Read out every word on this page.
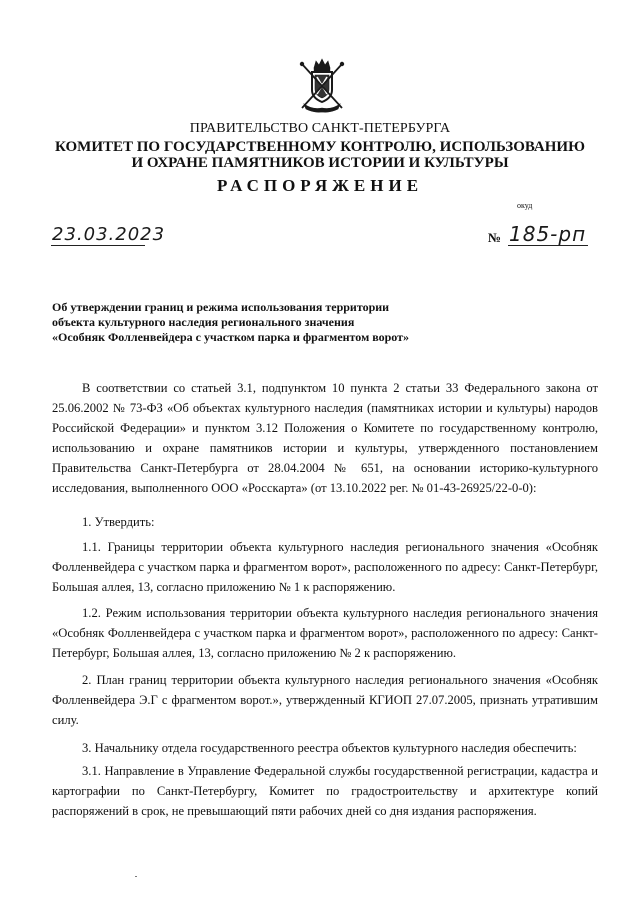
ПРАВИТЕЛЬСТВО САНКТ-ПЕТЕРБУРГА
КОМИТЕТ ПО ГОСУДАРСТВЕННОМУ КОНТРОЛЮ, ИСПОЛЬЗОВАНИЮ
И ОХРАНЕ ПАМЯТНИКОВ ИСТОРИИ И КУЛЬТУРЫ
РАСПОРЯЖЕНИЕ
окуд
23.03.2023	№ 185-рп
Об утверждении границ и режима использования территории
объекта культурного наследия регионального значения
«Особняк Фолленвейдера с участком парка и фрагментом ворот»
В соответствии со статьей 3.1, подпунктом 10 пункта 2 статьи 33 Федерального закона от 25.06.2002 № 73-ФЗ «Об объектах культурного наследия (памятниках истории и культуры) народов Российской Федерации» и пунктом 3.12 Положения о Комитете по государственному контролю, использованию и охране памятников истории и культуры, утвержденного постановлением Правительства Санкт-Петербурга от 28.04.2004 № 651, на основании историко-культурного исследования, выполненного ООО «Росскарта» (от 13.10.2022 рег. № 01-43-26925/22-0-0):
1. Утвердить:
1.1. Границы территории объекта культурного наследия регионального значения «Особняк Фолленвейдера с участком парка и фрагментом ворот», расположенного по адресу: Санкт-Петербург, Большая аллея, 13, согласно приложению № 1 к распоряжению.
1.2. Режим использования территории объекта культурного наследия регионального значения «Особняк Фолленвейдера с участком парка и фрагментом ворот», расположенного по адресу: Санкт-Петербург, Большая аллея, 13, согласно приложению № 2 к распоряжению.
2. План границ территории объекта культурного наследия регионального значения «Особняк Фолленвейдера Э.Г с фрагментом ворот.», утвержденный КГИОП 27.07.2005, признать утратившим силу.
3. Начальнику отдела государственного реестра объектов культурного наследия обеспечить:
3.1. Направление в Управление Федеральной службы государственной регистрации, кадастра и картографии по Санкт-Петербургу, Комитет по градостроительству и архитектуре копий распоряжений в срок, не превышающий пяти рабочих дней со дня издания распоряжения.
